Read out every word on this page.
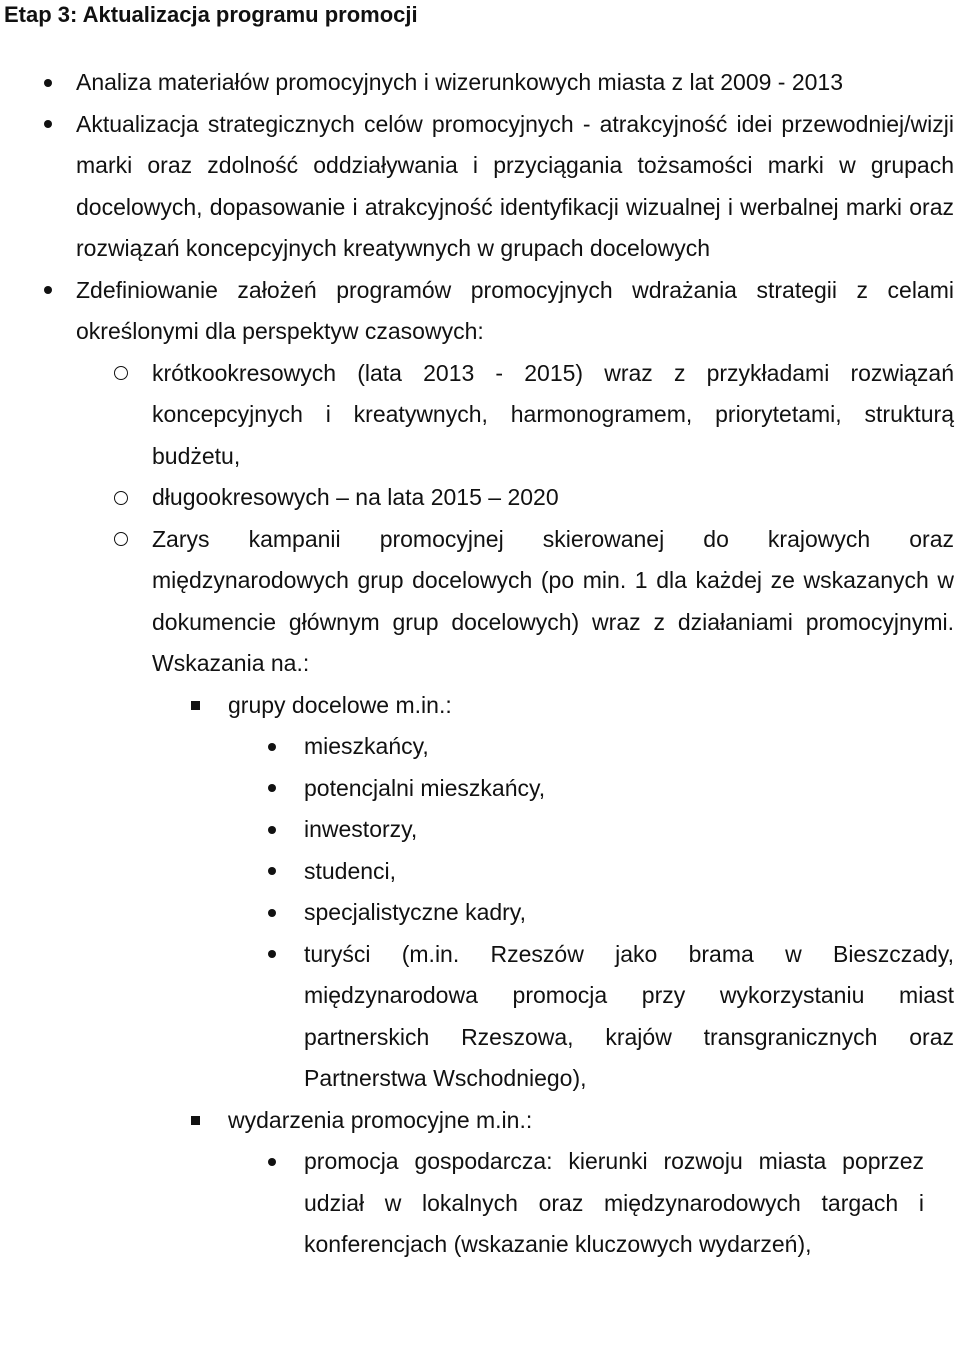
Etap 3: Aktualizacja programu promocji
Analiza materiałów promocyjnych i wizerunkowych miasta z lat 2009 - 2013
Aktualizacja strategicznych celów promocyjnych - atrakcyjność idei przewodniej/wizji marki oraz zdolność oddziaływania i przyciągania tożsamości marki w grupach docelowych, dopasowanie i atrakcyjność identyfikacji wizualnej i werbalnej marki oraz rozwiązań koncepcyjnych kreatywnych w grupach docelowych
Zdefiniowanie założeń programów promocyjnych wdrażania strategii z celami określonymi dla perspektyw czasowych:
krótkookresowych (lata 2013 - 2015) wraz z przykładami rozwiązań koncepcyjnych i kreatywnych, harmonogramem, priorytetami, strukturą budżetu,
długookresowych – na lata 2015 – 2020
Zarys kampanii promocyjnej skierowanej do krajowych oraz międzynarodowych grup docelowych (po min. 1 dla każdej ze wskazanych w dokumencie głównym grup docelowych) wraz z działaniami promocyjnymi. Wskazania na.:
grupy docelowe m.in.:
mieszkańcy,
potencjalni mieszkańcy,
inwestorzy,
studenci,
specjalistyczne kadry,
turyści (m.in. Rzeszów jako brama w Bieszczady, międzynarodowa promocja przy wykorzystaniu miast partnerskich Rzeszowa, krajów transgranicznych oraz Partnerstwa Wschodniego),
wydarzenia promocyjne m.in.:
promocja gospodarcza: kierunki rozwoju miasta poprzez udział w lokalnych oraz międzynarodowych targach i konferencjach (wskazanie kluczowych wydarzeń),
